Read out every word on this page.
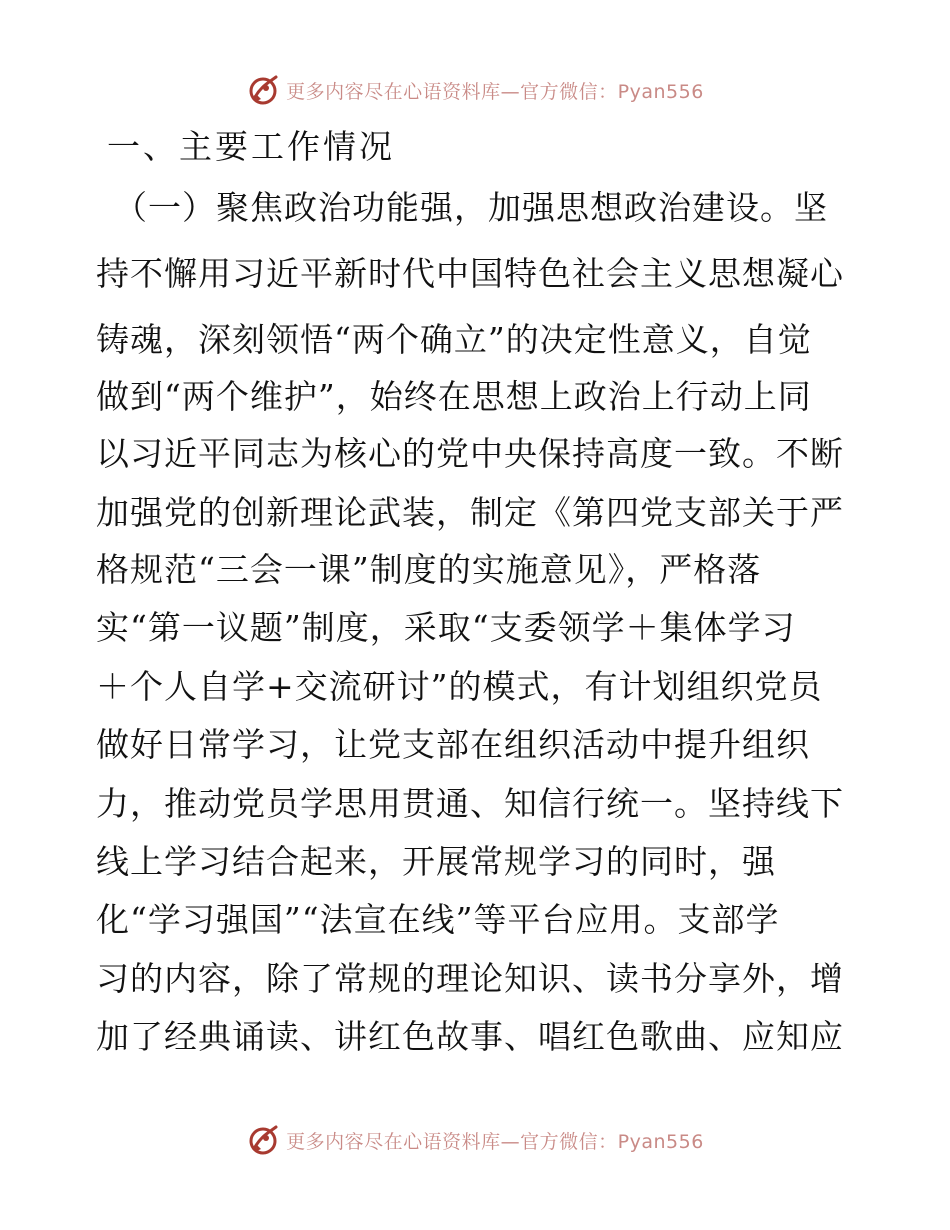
更多内容尽在心语资料库—官方微信：Pyan556
一、主要工作情况
（一）聚焦政治功能强，加强思想政治建设。坚
持不懈用习近平新时代中国特色社会主义思想凝心
铸魂，深刻领悟“两个确立”的决定性意义，自觉
做到“两个维护”，始终在思想上政治上行动上同
以习近平同志为核心的党中央保持高度一致。不断
加强党的创新理论武装，制定《第四党支部关于严
格规范“三会一课”制度的实施意见》，严格落
实“第一议题”制度，采取“支委领学＋集体学习
＋个人自学+交流研讨”的模式，有计划组织党员
做好日常学习，让党支部在组织活动中提升组织
力，推动党员学思用贯通、知信行统一。坚持线下
线上学习结合起来，开展常规学习的同时，强
化“学习强国”“法宣在线”等平台应用。支部学
习的内容，除了常规的理论知识、读书分享外，增
加了经典诵读、讲红色故事、唱红色歌曲、应知应
更多内容尽在心语资料库—官方微信：Pyan556
